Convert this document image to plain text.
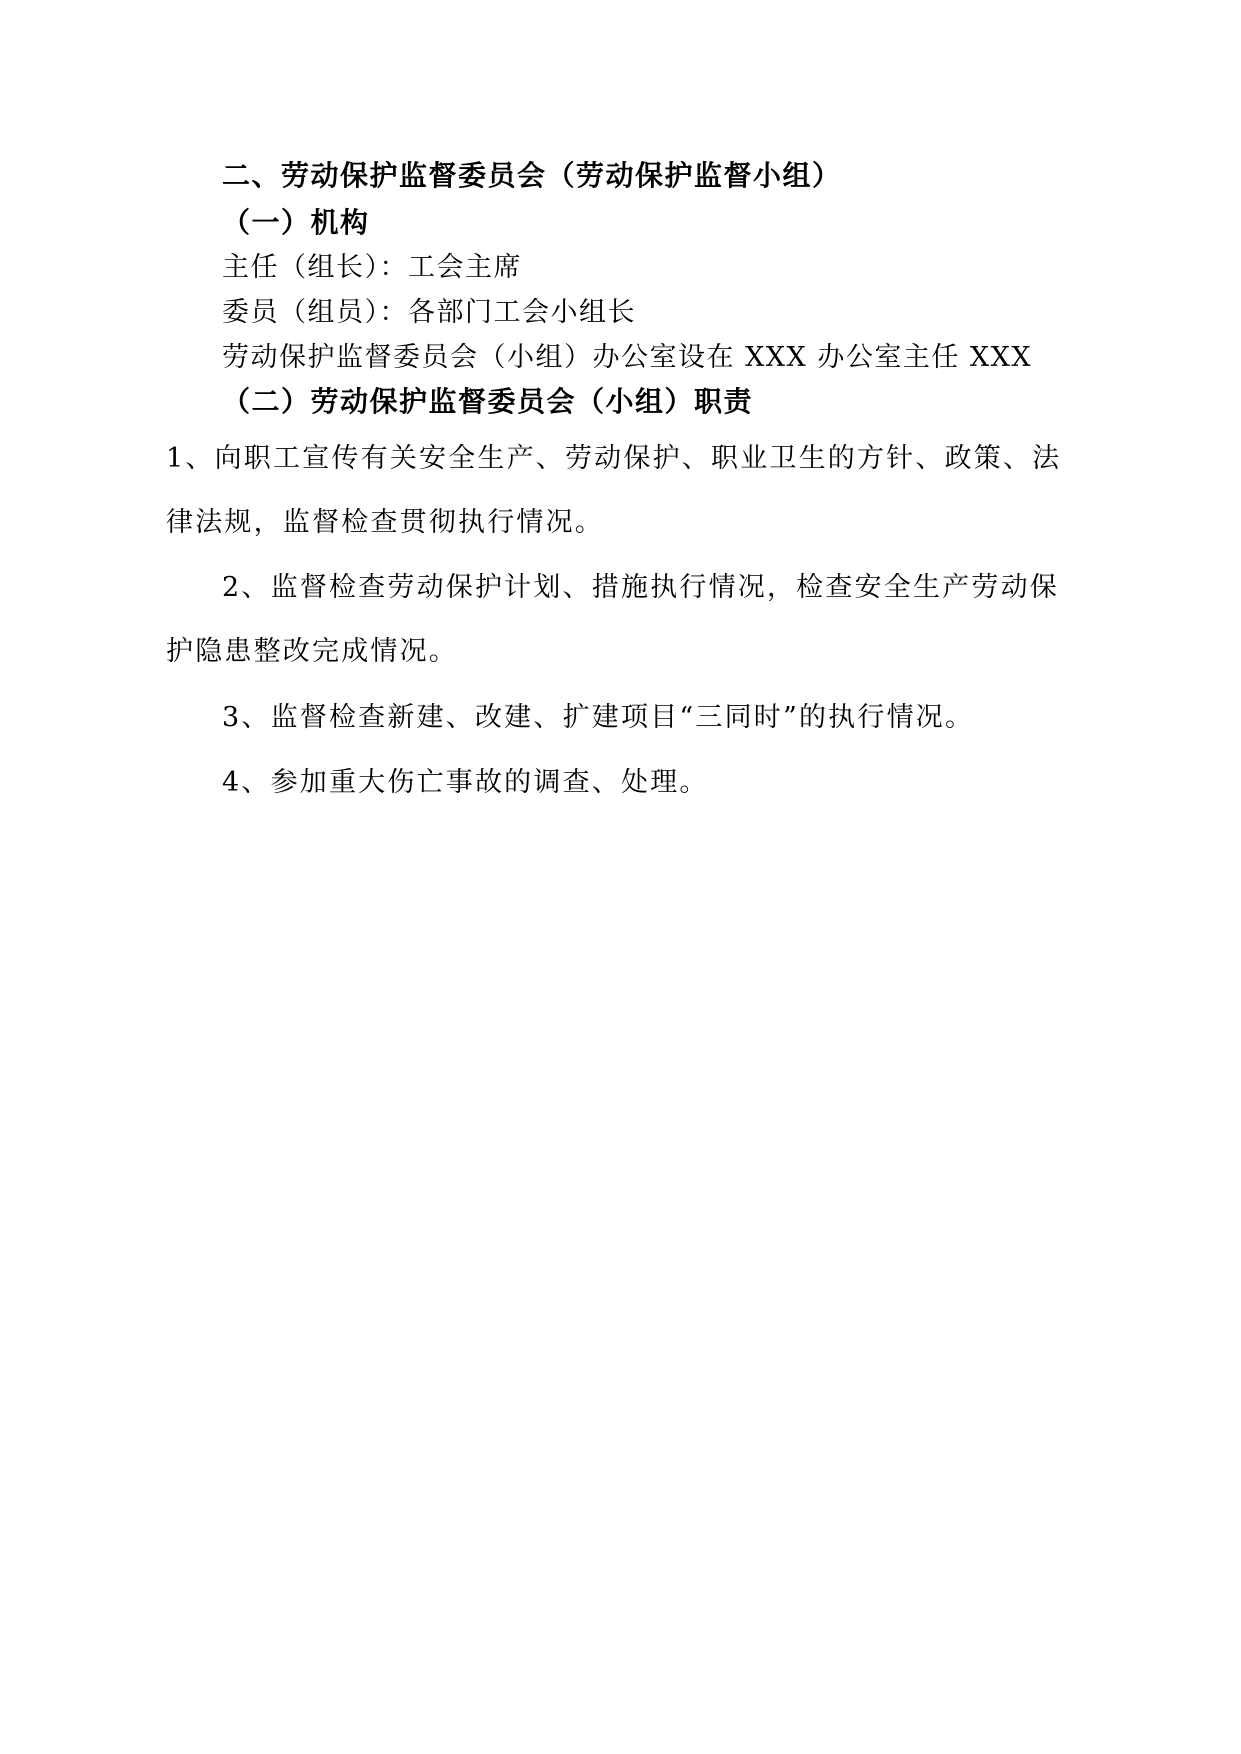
二、劳动保护监督委员会（劳动保护监督小组）
（一）机构
主任（组长）：工会主席
委员（组员）：各部门工会小组长
劳动保护监督委员会（小组）办公室设在 XXX 办公室主任 XXX
（二）劳动保护监督委员会（小组）职责
1、向职工宣传有关安全生产、劳动保护、职业卫生的方针、政策、法律法规，监督检查贯彻执行情况。
2、监督检查劳动保护计划、措施执行情况，检查安全生产劳动保护隐患整改完成情况。
3、监督检查新建、改建、扩建项目“三同时”的执行情况。
4、参加重大伤亡事故的调查、处理。
